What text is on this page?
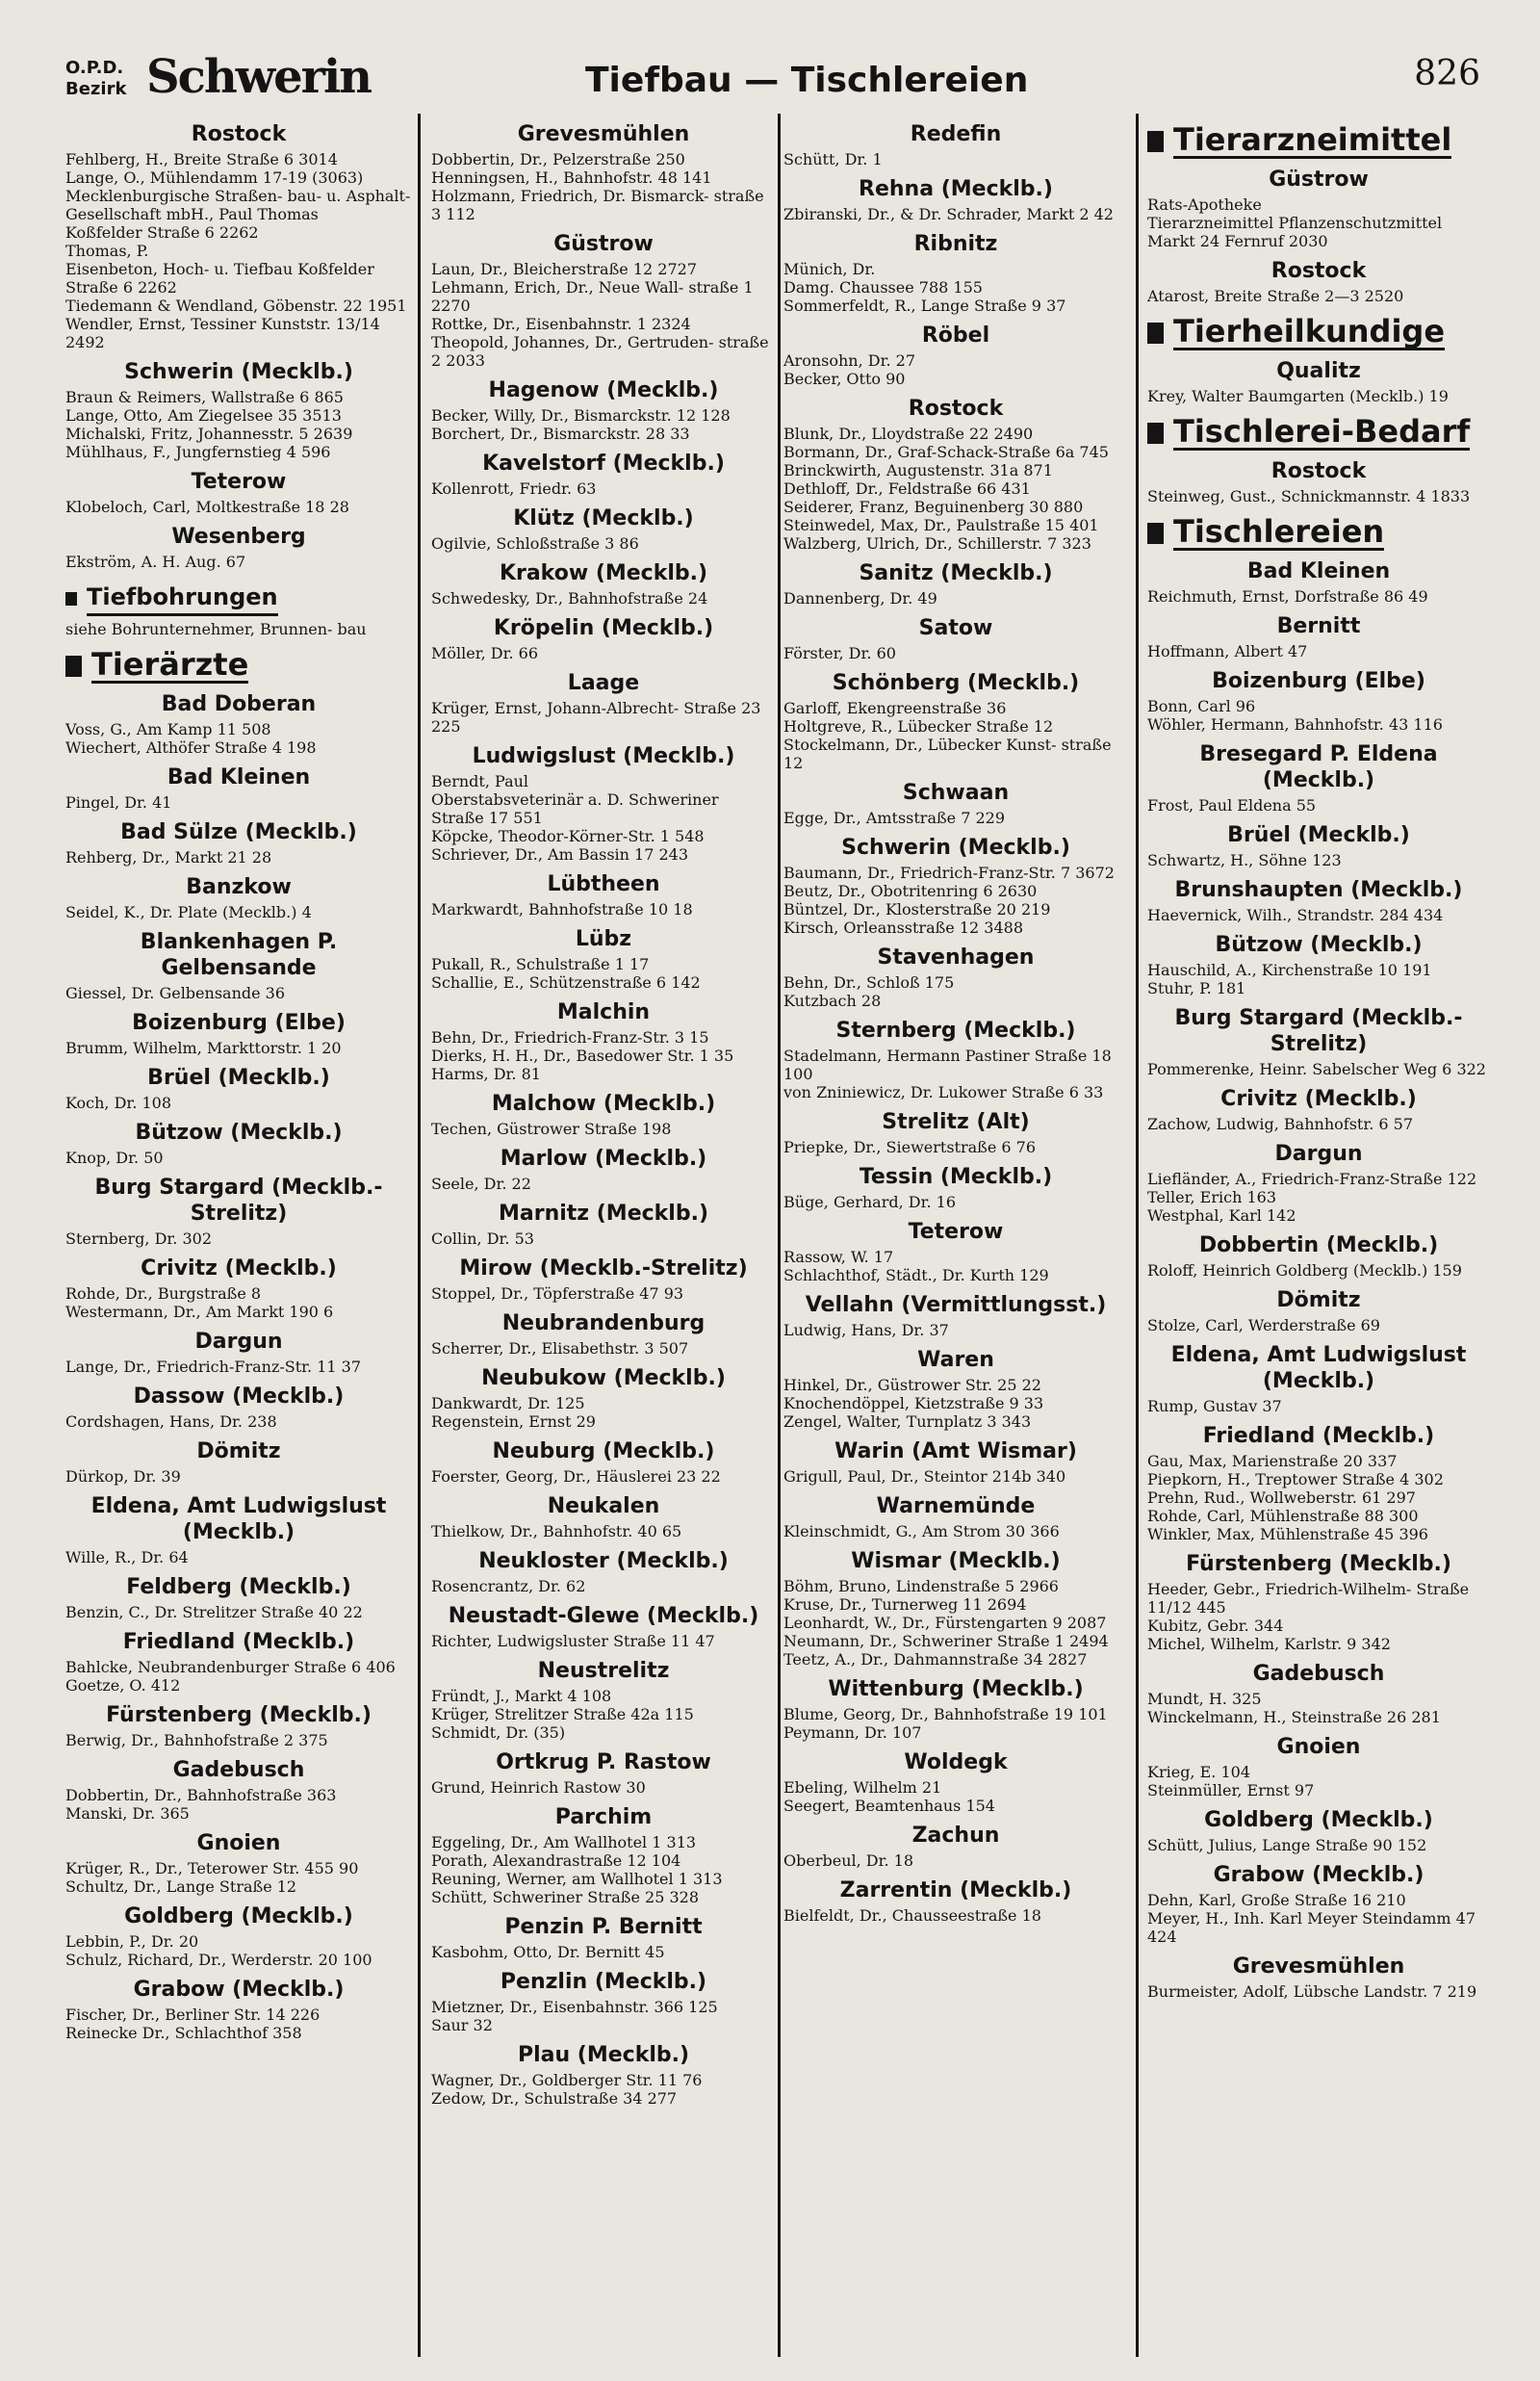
O.P.D.
Bezirk Schwerin	Tiefbau — Tischlereien	826
Rostock
Fehlberg, H., Breite Straße 6 3014
Lange, O., Mühlendamm 17-19 (3063)
Mecklenburgische Straßen- bau- u. Asphalt-Gesellschaft mbH., Paul Thomas
Koßfelder Straße 6 2262
Thomas, P.
Eisenbeton, Hoch- u. Tiefbau Koßfelder Straße 6 2262
Tiedemann & Wendland, Göbenstr. 22 1951
Wendler, Ernst, Tessiner Kunststr. 13/14 2492
Schwerin (Mecklb.)
Braun & Reimers, Wallstraße 6 865
Lange, Otto, Am Ziegelsee 35 3513
Michalski, Fritz, Johannesstr. 5 2639
Mühlhaus, F., Jungfernstieg 4 596
Teterow
Klobeloch, Carl, Moltkestraße 18 28
Wesenberg
Ekström, A. H. Aug. 67
Tiefbohrungen
siehe Bohrunternehmer, Brunnen- bau
Tierärzte
Bad Doberan
Voss, G., Am Kamp 11 508
Wiechert, Althöfer Straße 4 198
Bad Kleinen
Pingel, Dr. 41
Bad Sülze (Mecklb.)
Rehberg, Dr., Markt 21 28
Banzkow
Seidel, K., Dr. Plate (Mecklb.) 4
Blankenhagen P. Gelbensande
Giessel, Dr. Gelbensande 36
Boizenburg (Elbe)
Brumm, Wilhelm, Markttorstr. 1 20
Brüel (Mecklb.)
Koch, Dr. 108
Bützow (Mecklb.)
Knop, Dr. 50
Burg Stargard (Mecklb.-Strelitz)
Sternberg, Dr. 302
Crivitz (Mecklb.)
Rohde, Dr., Burgstraße 8
Westermann, Dr., Am Markt 190 6
Dargun
Lange, Dr., Friedrich-Franz-Str. 11 37
Dassow (Mecklb.)
Cordshagen, Hans, Dr. 238
Dömitz
Dürkop, Dr. 39
Eldena, Amt Ludwigslust (Mecklb.)
Wille, R., Dr. 64
Feldberg (Mecklb.)
Benzin, C., Dr. Strelitzer Straße 40 22
Friedland (Mecklb.)
Bahlcke, Neubrandenburger Straße 6 406
Goetze, O. 412
Fürstenberg (Mecklb.)
Berwig, Dr., Bahnhofstraße 2 375
Gadebusch
Dobbertin, Dr., Bahnhofstraße 363
Manski, Dr. 365
Gnoien
Krüger, R., Dr., Teterower Str. 455 90
Schultz, Dr., Lange Straße 12
Goldberg (Mecklb.)
Lebbin, P., Dr. 20
Schulz, Richard, Dr., Werderstr. 20 100
Grabow (Mecklb.)
Fischer, Dr., Berliner Str. 14 226
Reinecke Dr., Schlachthof 358
Grevesmühlen
Dobbertin, Dr., Pelzerstraße 250
Henningsen, H., Bahnhofstr. 48 141
Holzmann, Friedrich, Dr. Bismarck- straße 3 112
Güstrow
Laun, Dr., Bleicherstraße 12 2727
Lehmann, Erich, Dr., Neue Wall- straße 1 2270
Rottke, Dr., Eisenbahnstr. 1 2324
Theopold, Johannes, Dr., Gertruden- straße 2 2033
Hagenow (Mecklb.)
Becker, Willy, Dr., Bismarckstr. 12 128
Borchert, Dr., Bismarckstr. 28 33
Kavelstorf (Mecklb.)
Kollenrott, Friedr. 63
Klütz (Mecklb.)
Ogilvie, Schloßstraße 3 86
Krakow (Mecklb.)
Schwedesky, Dr., Bahnhofstraße 24
Kröpelin (Mecklb.)
Möller, Dr. 66
Laage
Krüger, Ernst, Johann-Albrecht- Straße 23 225
Ludwigslust (Mecklb.)
Berndt, Paul
Oberstabsveterinär a. D. Schweriner Straße 17 551
Köpcke, Theodor-Körner-Str. 1 548
Schriever, Dr., Am Bassin 17 243
Lübtheen
Markwardt, Bahnhofstraße 10 18
Lübz
Pukall, R., Schulstraße 1 17
Schallie, E., Schützenstraße 6 142
Malchin
Behn, Dr., Friedrich-Franz-Str. 3 15
Dierks, H. H., Dr., Basedower Str. 1 35
Harms, Dr. 81
Malchow (Mecklb.)
Techen, Güstrower Straße 198
Marlow (Mecklb.)
Seele, Dr. 22
Marnitz (Mecklb.)
Collin, Dr. 53
Mirow (Mecklb.-Strelitz)
Stoppel, Dr., Töpferstraße 47 93
Neubrandenburg
Scherrer, Dr., Elisabethstr. 3 507
Neubukow (Mecklb.)
Dankwardt, Dr. 125
Regenstein, Ernst 29
Neuburg (Mecklb.)
Foerster, Georg, Dr., Häuslerei 23 22
Neukalen
Thielkow, Dr., Bahnhofstr. 40 65
Neukloster (Mecklb.)
Rosencrantz, Dr. 62
Neustadt-Glewe (Mecklb.)
Richter, Ludwigsluster Straße 11 47
Neustrelitz
Fründt, J., Markt 4 108
Krüger, Strelitzer Straße 42a 115
Schmidt, Dr. (35)
Ortkrug P. Rastow
Grund, Heinrich Rastow 30
Parchim
Eggeling, Dr., Am Wallhotel 1 313
Porath, Alexandrastraße 12 104
Reuning, Werner, am Wallhotel 1 313
Schütt, Schweriner Straße 25 328
Penzin P. Bernitt
Kasbohm, Otto, Dr. Bernitt 45
Penzlin (Mecklb.)
Mietzner, Dr., Eisenbahnstr. 366 125
Saur 32
Plau (Mecklb.)
Wagner, Dr., Goldberger Str. 11 76
Zedow, Dr., Schulstraße 34 277
Redefin
Schütt, Dr. 1
Rehna (Mecklb.)
Zbiranski, Dr., & Dr. Schrader, Markt 2 42
Ribnitz
Münich, Dr.
Damg. Chaussee 788 155
Sommerfeldt, R., Lange Straße 9 37
Röbel
Aronsohn, Dr. 27
Becker, Otto 90
Rostock
Blunk, Dr., Lloydstraße 22 2490
Bormann, Dr., Graf-Schack-Straße 6a 745
Brinckwirth, Augustenstr. 31a 871
Dethloff, Dr., Feldstraße 66 431
Seiderer, Franz, Beguinenberg 30 880
Steinwedel, Max, Dr., Paulstraße 15 401
Walzberg, Ulrich, Dr., Schillerstr. 7 323
Sanitz (Mecklb.)
Dannenberg, Dr. 49
Satow
Förster, Dr. 60
Schönberg (Mecklb.)
Garloff, Ekengreenstraße 36
Holtgreve, R., Lübecker Straße 12
Stockelmann, Dr., Lübecker Kunst- straße 12
Schwaan
Egge, Dr., Amtsstraße 7 229
Schwerin (Mecklb.)
Baumann, Dr., Friedrich-Franz-Str. 7 3672
Beutz, Dr., Obotritenring 6 2630
Büntzel, Dr., Klosterstraße 20 219
Kirsch, Orleansstraße 12 3488
Stavenhagen
Behn, Dr., Schloß 175
Kutzbach 28
Sternberg (Mecklb.)
Stadelmann, Hermann Pastiner Straße 18 100
von Zniniewicz, Dr. Lukower Straße 6 33
Strelitz (Alt)
Priepke, Dr., Siewertstraße 6 76
Tessin (Mecklb.)
Büge, Gerhard, Dr. 16
Teterow
Rassow, W. 17
Schlachthof, Städt., Dr. Kurth 129
Vellahn (Vermittlungsst.)
Ludwig, Hans, Dr. 37
Waren
Hinkel, Dr., Güstrower Str. 25 22
Knochendöppel, Kietzstraße 9 33
Zengel, Walter, Turnplatz 3 343
Warin (Amt Wismar)
Grigull, Paul, Dr., Steintor 214b 340
Warnemünde
Kleinschmidt, G., Am Strom 30 366
Wismar (Mecklb.)
Böhm, Bruno, Lindenstraße 5 2966
Kruse, Dr., Turnerweg 11 2694
Leonhardt, W., Dr., Fürstengarten 9 2087
Neumann, Dr., Schweriner Straße 1 2494
Teetz, A., Dr., Dahmannstraße 34 2827
Wittenburg (Mecklb.)
Blume, Georg, Dr., Bahnhofstraße 19 101
Peymann, Dr. 107
Woldegk
Ebeling, Wilhelm 21
Seegert, Beamtenhaus 154
Zachun
Oberbeul, Dr. 18
Zarrentin (Mecklb.)
Bielfeldt, Dr., Chausseestraße 18
Tierarzneimittel
Güstrow
Rats-Apotheke
Tierarzneimittel Pflanzenschutzmittel
Markt 24 Fernruf 2030
Rostock
Atarost, Breite Straße 2—3 2520
Tierheilkundige
Qualitz
Krey, Walter Baumgarten (Mecklb.) 19
Tischlerei-Bedarf
Rostock
Steinweg, Gust., Schnickmannstr. 4 1833
Tischlereien
Bad Kleinen
Reichmuth, Ernst, Dorfstraße 86 49
Bernitt
Hoffmann, Albert 47
Boizenburg (Elbe)
Bonn, Carl 96
Wöhler, Hermann, Bahnhofstr. 43 116
Bresegard P. Eldena (Mecklb.)
Frost, Paul Eldena 55
Brüel (Mecklb.)
Schwartz, H., Söhne 123
Brunshaupten (Mecklb.)
Haevernick, Wilh., Strandstr. 284 434
Bützow (Mecklb.)
Hauschild, A., Kirchenstraße 10 191
Stuhr, P. 181
Burg Stargard (Mecklb.-Strelitz)
Pommerenke, Heinr. Sabelscher Weg 6 322
Crivitz (Mecklb.)
Zachow, Ludwig, Bahnhofstr. 6 57
Dargun
Liefländer, A., Friedrich-Franz-Straße 122
Teller, Erich 163
Westphal, Karl 142
Dobbertin (Mecklb.)
Roloff, Heinrich Goldberg (Mecklb.) 159
Dömitz
Stolze, Carl, Werderstraße 69
Eldena, Amt Ludwigslust (Mecklb.)
Rump, Gustav 37
Friedland (Mecklb.)
Gau, Max, Marienstraße 20 337
Piepkorn, H., Treptower Straße 4 302
Prehn, Rud., Wollweberstr. 61 297
Rohde, Carl, Mühlenstraße 88 300
Winkler, Max, Mühlenstraße 45 396
Fürstenberg (Mecklb.)
Heeder, Gebr., Friedrich-Wilhelm- Straße 11/12 445
Kubitz, Gebr. 344
Michel, Wilhelm, Karlstr. 9 342
Gadebusch
Mundt, H. 325
Winckelmann, H., Steinstraße 26 281
Gnoien
Krieg, E. 104
Steinmüller, Ernst 97
Goldberg (Mecklb.)
Schütt, Julius, Lange Straße 90 152
Grabow (Mecklb.)
Dehn, Karl, Große Straße 16 210
Meyer, H., Inh. Karl Meyer Steindamm 47 424
Grevesmühlen
Burmeister, Adolf, Lübsche Landstr. 7 219
